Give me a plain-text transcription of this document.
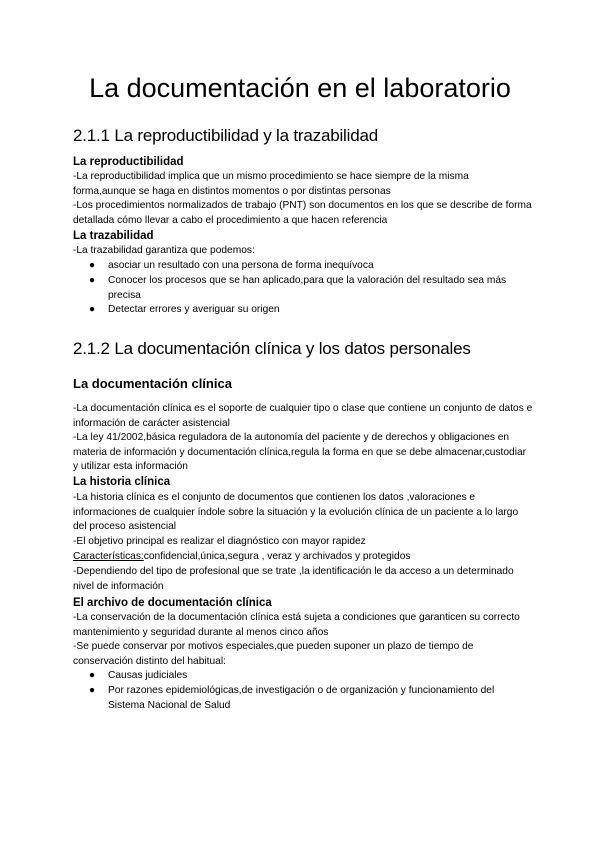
La documentación en el laboratorio
2.1.1 La reproductibilidad y la trazabilidad
La reproductibilidad

-La reproductibilidad implica que un mismo procedimiento se hace siempre de la misma forma,aunque se haga en distintos momentos o por distintas personas

-Los procedimientos normalizados de trabajo (PNT) son documentos en los que se describe de forma detallada cómo llevar a cabo el procedimiento a que hacen referencia

La trazabilidad

-La trazabilidad garantiza que podemos:

● asociar un resultado con una persona de forma inequívoca
● Conocer los procesos que se han aplicado,para que la valoración del resultado sea más precisa
● Detectar errores y averiguar su origen
2.1.2 La documentación clínica y los datos personales
La documentación clínica

-La documentación clínica es el soporte de cualquier tipo o clase que contiene un conjunto de datos e información de carácter asistencial

-La ley 41/2002,básica reguladora de la autonomía del paciente y de derechos y obligaciones en materia de información y documentación clínica,regula la forma en que se debe almacenar,custodiar y utilizar esta información

La historia clínica

-La historia clínica es el conjunto de documentos que contienen los datos ,valoraciones e informaciones de cualquier índole sobre la situación y la evolución clínica de un paciente a lo largo del proceso asistencial

-El objetivo principal es realizar el diagnóstico con mayor rapidez

Características:confidencial,única,segura , veraz y archivados y protegidos

-Dependiendo del tipo de profesional que se trate ,la identificación le da acceso a un determinado nivel de información

El archivo de documentación clínica

-La conservación de la documentación clínica está sujeta a condiciones que garanticen su correcto mantenimiento y seguridad durante al menos cinco años

-Se puede conservar por motivos especiales,que pueden suponer un plazo de tiempo de conservación distinto del habitual:

● Causas judiciales
● Por razones epidemiológicas,de investigación o de organización y funcionamiento del Sistema Nacional de Salud
